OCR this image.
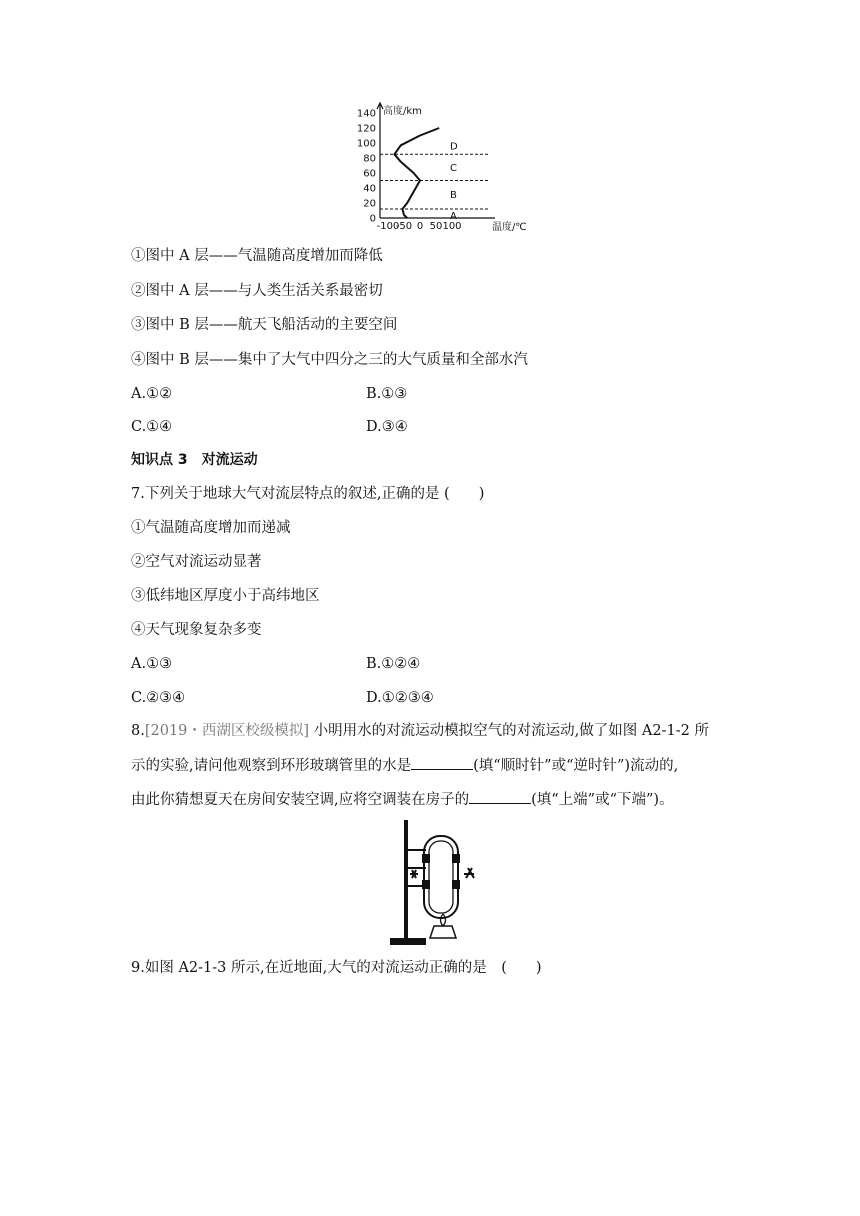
140
120
100
80
60
40
20
0
-100
-50 0 50 100
高度/km
温度/℃
D
C
B
A
①图中 A 层——气温随高度增加而降低
②图中 A 层——与人类生活关系最密切
③图中 B 层——航天飞船活动的主要空间
④图中 B 层——集中了大气中四分之三的大气质量和全部水汽
A.①②	B.①③
C.①④	D.③④
知识点 3　对流运动
7.下列关于地球大气对流层特点的叙述,正确的是 (　　)
①气温随高度增加而递减
②空气对流运动显著
③低纬地区厚度小于高纬地区
④天气现象复杂多变
A.①③	B.①②④
C.②③④	D.①②③④
8.[2019・西湖区校级模拟] 小明用水的对流运动模拟空气的对流运动,做了如图 A2-1-2 所
示的实验,请问他观察到环形玻璃管里的水是	(填“顺时针”或“逆时针”)流动的,
由此你猜想夏天在房间安装空调,应将空调装在房子的	(填“上端”或“下端”)。
9.如图 A2-1-3 所示,在近地面,大气的对流运动正确的是　(　　)
